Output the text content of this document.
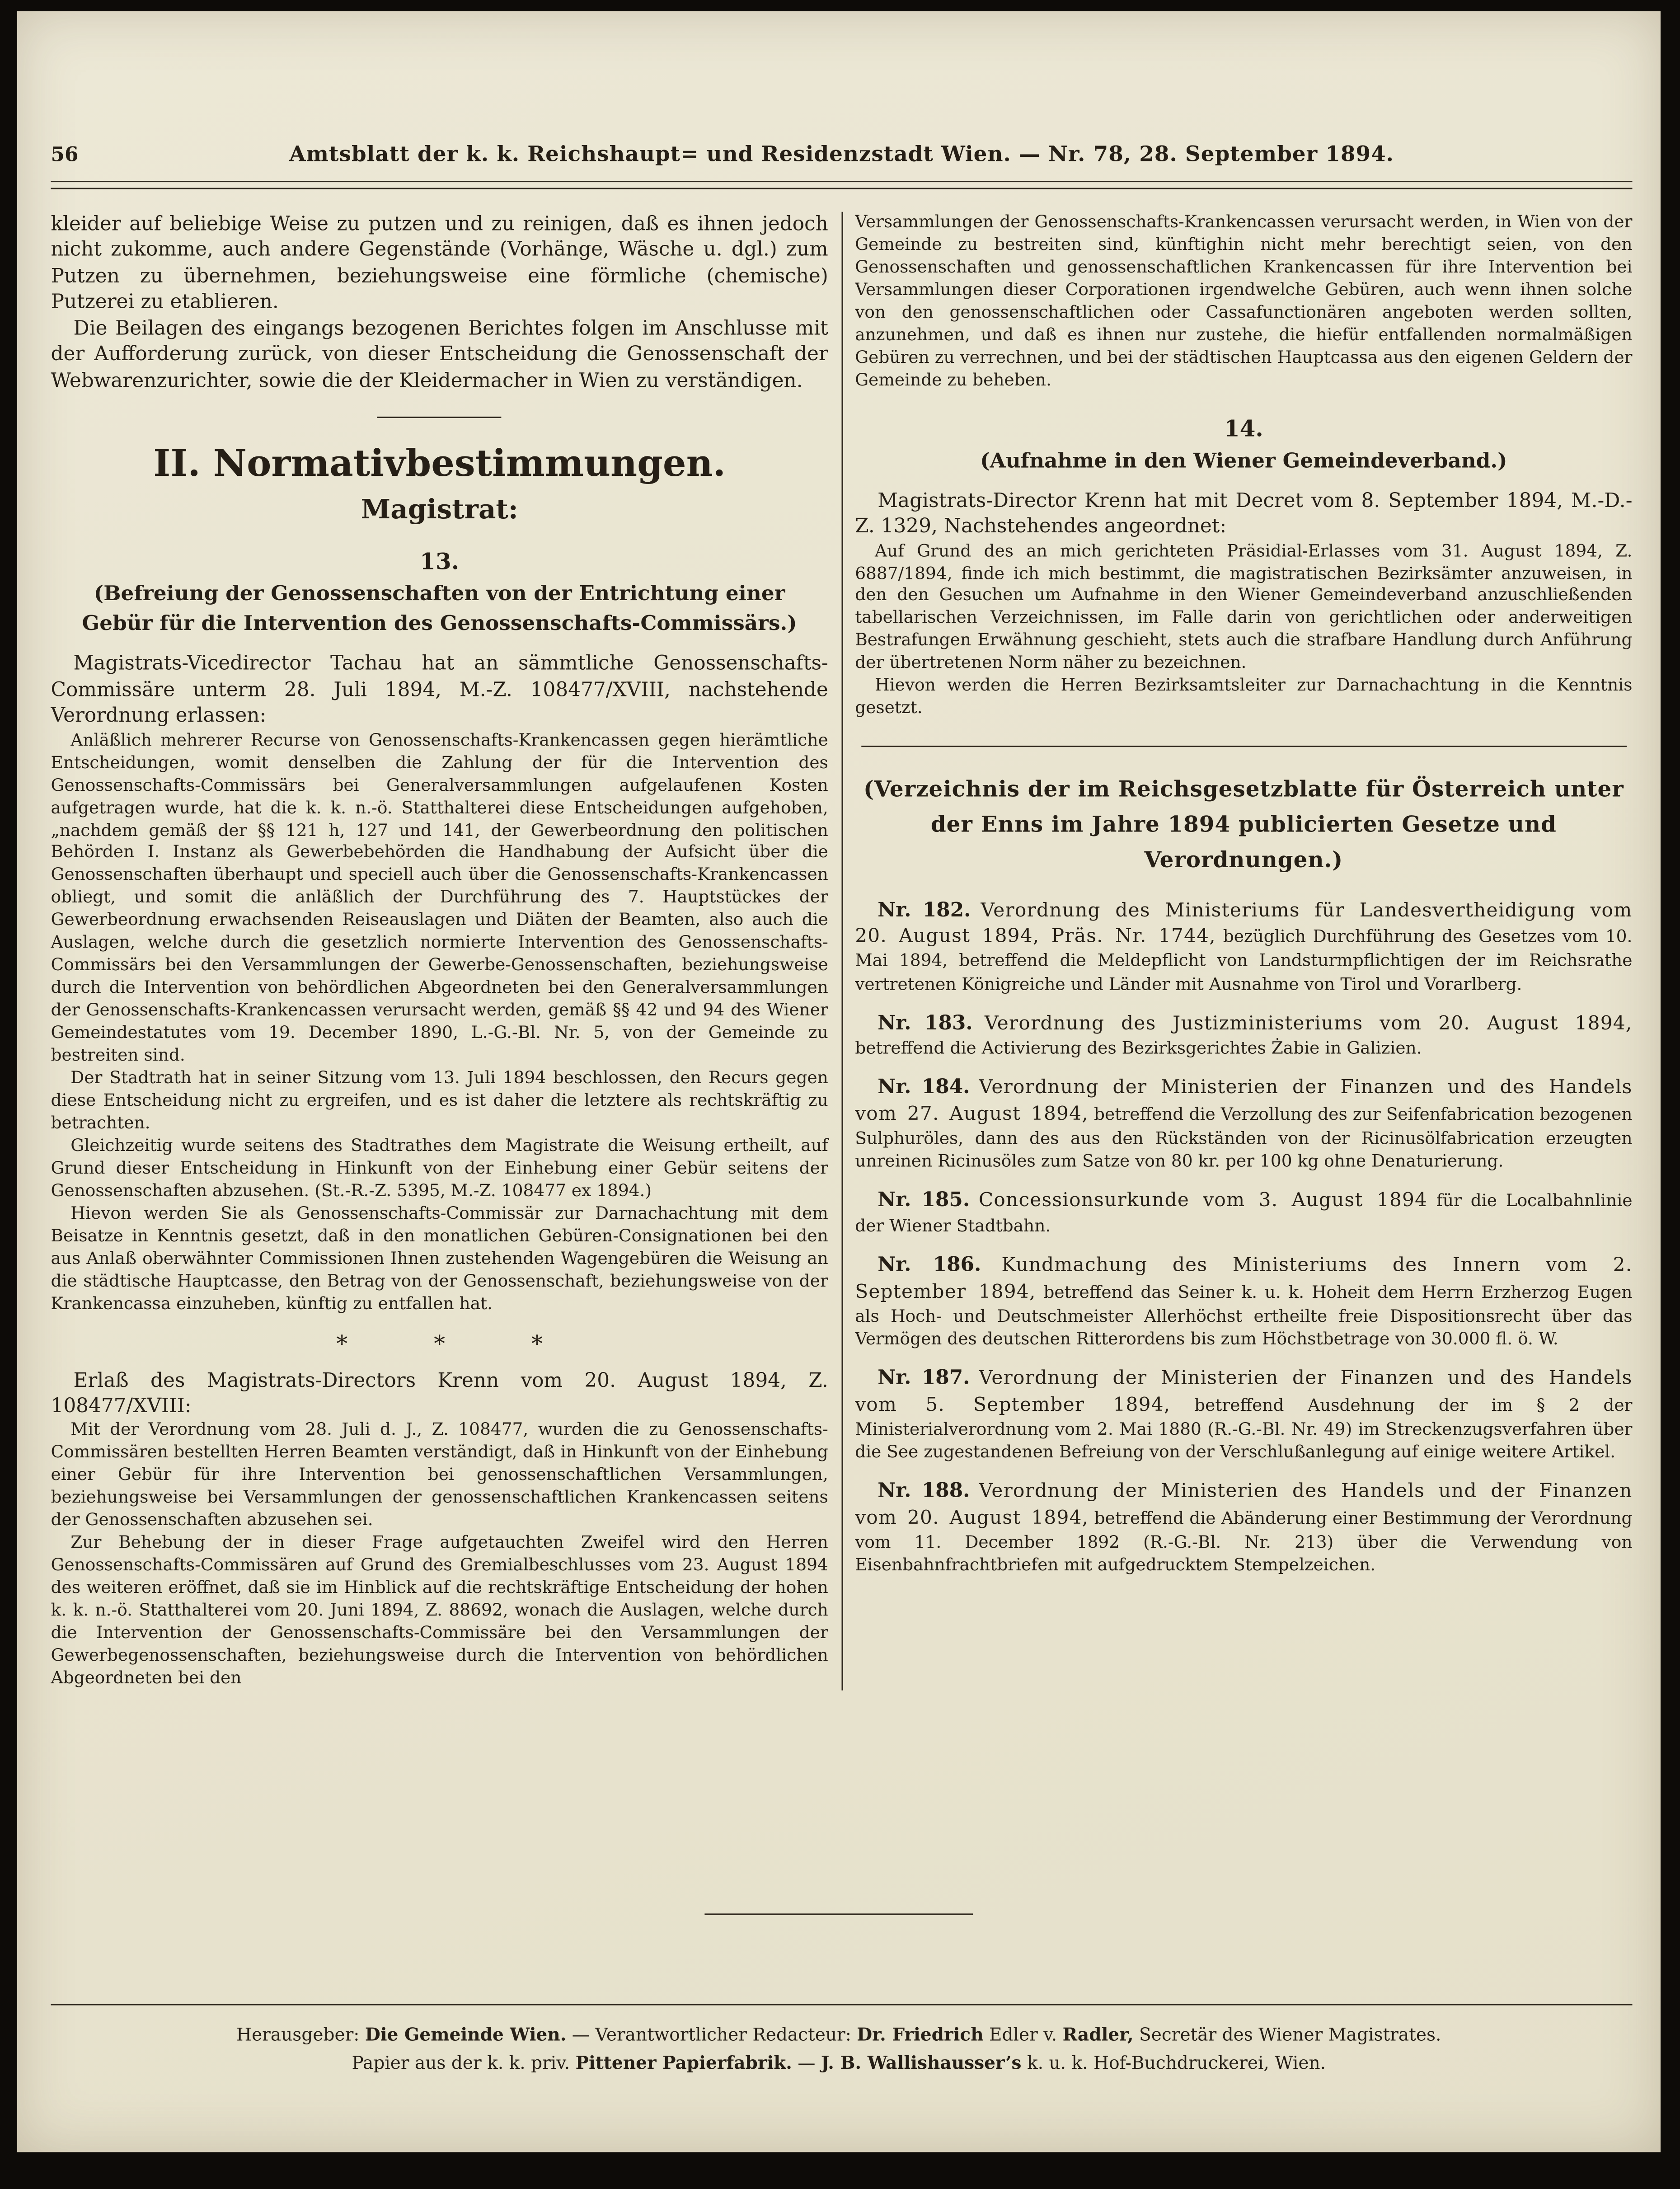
56	Amtsblatt der k. k. Reichshaupt= und Residenzstadt Wien. — Nr. 78, 28. September 1894.

kleider auf beliebige Weise zu putzen und zu reinigen, daß es ihnen jedoch nicht zukomme, auch andere Gegenstände (Vorhänge, Wäsche u. dgl.) zum Putzen zu übernehmen, beziehungsweise eine förmliche (chemische) Putzerei zu etablieren.

Die Beilagen des eingangs bezogenen Berichtes folgen im Anschlusse mit der Aufforderung zurück, von dieser Entscheidung die Genossenschaft der Webwarenzurichter, sowie die der Kleidermacher in Wien zu verständigen.

II. Normativbestimmungen.
Magistrat:
13.
(Befreiung der Genossenschaften von der Entrichtung einer Gebür für die Intervention des Genossenschafts-Commissärs.)

Magistrats-Vicedirector Tachau hat an sämmtliche Genossenschafts-Commissäre unterm 28. Juli 1894, M.-Z. 108477/XVIII, nachstehende Verordnung erlassen:

Anläßlich mehrerer Recurse von Genossenschafts-Krankencassen gegen hierämtliche Entscheidungen, womit denselben die Zahlung der für die Intervention des Genossenschafts-Commissärs bei Generalversammlungen aufgelaufenen Kosten aufgetragen wurde, hat die k. k. n.-ö. Statthalterei diese Entscheidungen aufgehoben, „nachdem gemäß der §§ 121 h, 127 und 141, der Gewerbeordnung den politischen Behörden I. Instanz als Gewerbebehörden die Handhabung der Aufsicht über die Genossenschaften überhaupt und speciell auch über die Genossenschafts-Krankencassen obliegt, und somit die anläßlich der Durchführung des 7. Hauptstückes der Gewerbeordnung erwachsenden Reiseauslagen und Diäten der Beamten, also auch die Auslagen, welche durch die gesetzlich normierte Intervention des Genossenschafts-Commissärs bei den Versammlungen der Gewerbe-Genossenschaften, beziehungsweise durch die Intervention von behördlichen Abgeordneten bei den Generalversammlungen der Genossenschafts-Krankencassen verursacht werden, gemäß §§ 42 und 94 des Wiener Gemeindestatutes vom 19. December 1890, L.-G.-Bl. Nr. 5, von der Gemeinde zu bestreiten sind.

Der Stadtrath hat in seiner Sitzung vom 13. Juli 1894 beschlossen, den Recurs gegen diese Entscheidung nicht zu ergreifen, und es ist daher die letztere als rechtskräftig zu betrachten.

Gleichzeitig wurde seitens des Stadtrathes dem Magistrate die Weisung ertheilt, auf Grund dieser Entscheidung in Hinkunft von der Einhebung einer Gebür seitens der Genossenschaften abzusehen. (St.-R.-Z. 5395, M.-Z. 108477 ex 1894.)

Hievon werden Sie als Genossenschafts-Commissär zur Darnachachtung mit dem Beisatze in Kenntnis gesetzt, daß in den monatlichen Gebüren-Consignationen bei den aus Anlaß oberwähnter Commissionen Ihnen zustehenden Wagengebüren die Weisung an die städtische Hauptcasse, den Betrag von der Genossenschaft, beziehungsweise von der Krankencassa einzuheben, künftig zu entfallen hat.

* * *

Erlaß des Magistrats-Directors Krenn vom 20. August 1894, Z. 108477/XVIII:

Mit der Verordnung vom 28. Juli d. J., Z. 108477, wurden die zu Genossenschafts-Commissären bestellten Herren Beamten verständigt, daß in Hinkunft von der Einhebung einer Gebür für ihre Intervention bei genossenschaftlichen Versammlungen, beziehungsweise bei Versammlungen der genossenschaftlichen Krankencassen seitens der Genossenschaften abzusehen sei.

Zur Behebung der in dieser Frage aufgetauchten Zweifel wird den Herren Genossenschafts-Commissären auf Grund des Gremialbeschlusses vom 23. August 1894 des weiteren eröffnet, daß sie im Hinblick auf die rechtskräftige Entscheidung der hohen k. k. n.-ö. Statthalterei vom 20. Juni 1894, Z. 88692, wonach die Auslagen, welche durch die Intervention der Genossenschafts-Commissäre bei den Versammlungen der Gewerbegenossenschaften, beziehungsweise durch die Intervention von behördlichen Abgeordneten bei den

Versammlungen der Genossenschafts-Krankencassen verursacht werden, in Wien von der Gemeinde zu bestreiten sind, künftighin nicht mehr berechtigt seien, von den Genossenschaften und genossenschaftlichen Krankencassen für ihre Intervention bei Versammlungen dieser Corporationen irgendwelche Gebüren, auch wenn ihnen solche von den genossenschaftlichen oder Cassafunctionären angeboten werden sollten, anzunehmen, und daß es ihnen nur zustehe, die hiefür entfallenden normalmäßigen Gebüren zu verrechnen, und bei der städtischen Hauptcassa aus den eigenen Geldern der Gemeinde zu beheben.

14.
(Aufnahme in den Wiener Gemeindeverband.)

Magistrats-Director Krenn hat mit Decret vom 8. September 1894, M.-D.-Z. 1329, Nachstehendes angeordnet:

Auf Grund des an mich gerichteten Präsidial-Erlasses vom 31. August 1894, Z. 6887/1894, finde ich mich bestimmt, die magistratischen Bezirksämter anzuweisen, in den den Gesuchen um Aufnahme in den Wiener Gemeindeverband anzuschließenden tabellarischen Verzeichnissen, im Falle darin von gerichtlichen oder anderweitigen Bestrafungen Erwähnung geschieht, stets auch die strafbare Handlung durch Anführung der übertretenen Norm näher zu bezeichnen.

Hievon werden die Herren Bezirksamtsleiter zur Darnachachtung in die Kenntnis gesetzt.

(Verzeichnis der im Reichsgesetzblatte für Österreich unter der Enns im Jahre 1894 publicierten Gesetze und Verordnungen.)

Nr. 182. Verordnung des Ministeriums für Landesvertheidigung vom 20. August 1894, Präs. Nr. 1744, bezüglich Durchführung des Gesetzes vom 10. Mai 1894, betreffend die Meldepflicht von Landsturmpflichtigen der im Reichsrathe vertretenen Königreiche und Länder mit Ausnahme von Tirol und Vorarlberg.

Nr. 183. Verordnung des Justizministeriums vom 20. August 1894, betreffend die Activierung des Bezirksgerichtes Żabie in Galizien.

Nr. 184. Verordnung der Ministerien der Finanzen und des Handels vom 27. August 1894, betreffend die Verzollung des zur Seifenfabrication bezogenen Sulphuröles, dann des aus den Rückständen von der Ricinusölfabrication erzeugten unreinen Ricinusöles zum Satze von 80 kr. per 100 kg ohne Denaturierung.

Nr. 185. Concessionsurkunde vom 3. August 1894 für die Localbahnlinie der Wiener Stadtbahn.

Nr. 186.	Kundmachung des Ministeriums des Innern vom 2. September 1894, betreffend das Seiner k. u. k. Hoheit dem Herrn Erzherzog Eugen als Hoch- und Deutschmeister Allerhöchst ertheilte freie Dispositionsrecht über das Vermögen des deutschen Ritterordens bis zum Höchstbetrage von 30.000 fl. ö. W.

Nr. 187. Verordnung der Ministerien der Finanzen und des Handels vom 5. September 1894,	betreffend Ausdehnung der im § 2 der Ministerialverordnung vom 2. Mai 1880 (R.-G.-Bl. Nr. 49) im Streckenzugsverfahren über die See zugestandenen Befreiung von der Verschlußanlegung auf einige weitere Artikel.

Nr. 188. Verordnung der Ministerien des Handels und der Finanzen vom 20. August 1894, betreffend die Abänderung einer Bestimmung der Verordnung vom 11. December 1892 (R.-G.-Bl. Nr. 213) über die Verwendung von Eisenbahnfrachtbriefen mit aufgedrucktem Stempelzeichen.

Herausgeber: Die Gemeinde Wien. — Verantwortlicher Redacteur: Dr. Friedrich Edler v. Radler, Secretär des Wiener Magistrates.
Papier aus der k. k. priv. Pittener Papierfabrik. — J. B. Wallishausser’s k. u. k. Hof-Buchdruckerei, Wien.
